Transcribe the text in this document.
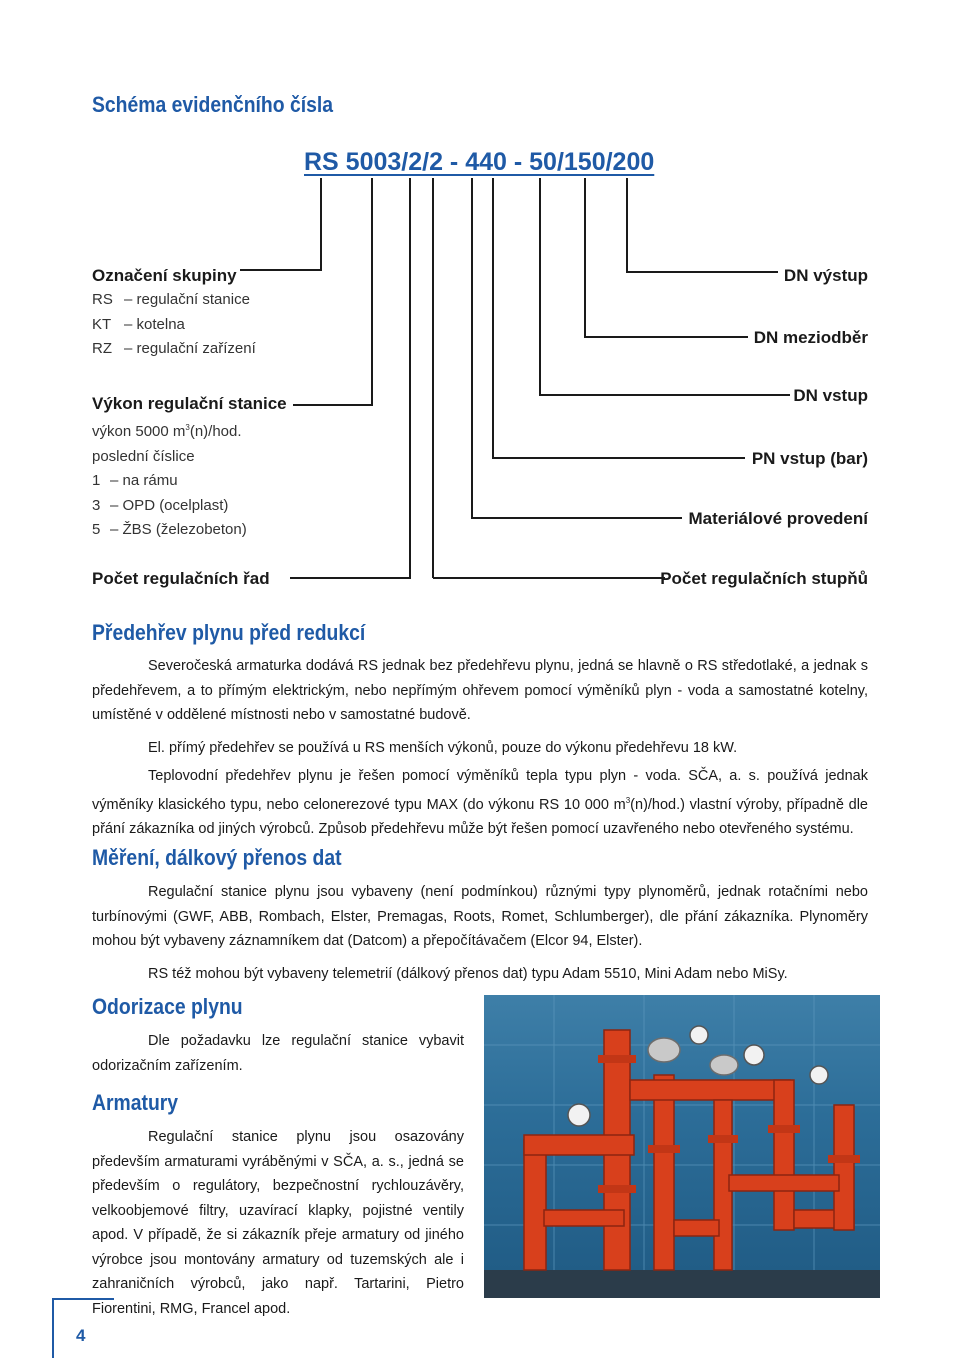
Schéma evidenčního čísla
RS 5003/2/2 - 440 - 50/150/200
Označení skupiny
RS – regulační stanice
KT – kotelna
RZ – regulační zařízení
Výkon regulační stanice
výkon 5000 $m^3(n)$/hod.
poslední číslice
1 – na rámu
3 – OPD (ocelplast)
5 – ŽBS (železobeton)
Počet regulačních řad
DN výstup
DN meziodběr
DN vstup
PN vstup (bar)
Materiálové provedení
Počet regulačních stupňů
Předehřev plynu před redukcí

Severočeská armaturka dodává RS jednak bez předehřevu plynu, jedná se hlavně o RS středotlaké, a jednak s předehřevem, a to přímým elektrickým, nebo nepřímým ohřevem pomocí výměníků plyn - voda a samostatné kotelny, umístěné v oddělené místnosti nebo v samostatné budově.

El. přímý předehřev se používá u RS menších výkonů, pouze do výkonu předehřevu 18 kW.

Teplovodní předehřev plynu je řešen pomocí výměníků tepla typu plyn - voda. SČA, a. s. používá jednak výměníky klasického typu, nebo celonerezové typu MAX (do výkonu RS 10 000 $m^3(n)/hod$.) vlastní výroby, případně dle přání zákazníka od jiných výrobců. Způsob předehřevu může být řešen pomocí uzavřeného nebo otevřeného systému.

Měření, dálkový přenos dat

Regulační stanice plynu jsou vybaveny (není podmínkou) různými typy plynoměrů, jednak rotačními nebo turbínovými (GWF, ABB, Rombach, Elster, Premagas, Roots, Romet, Schlumberger), dle přání zákazníka. Plynoměry mohou být vybaveny záznamníkem dat (Datcom) a přepočítávačem (Elcor 94, Elster).

RS též mohou být vybaveny telemetrií (dálkový přenos dat) typu Adam 5510, Mini Adam nebo MiSy.

Odorizace plynu

Dle požadavku lze regulační stanice vybavit odorizačním zařízením.

Armatury

Regulační stanice plynu jsou osazovány především armaturami vyráběnými v SČA, a. s., jedná se především o regulátory, bezpečnostní rychlouzávěry, velkoobjemové filtry, uzavírací klapky, pojistné ventily apod. V případě, že si zákazník přeje armatury od jiného výrobce jsou montovány armatury od tuzemských ale i zahraničních výrobců, jako např. Tartarini, Pietro Fiorentini, RMG, Francel apod.

4
